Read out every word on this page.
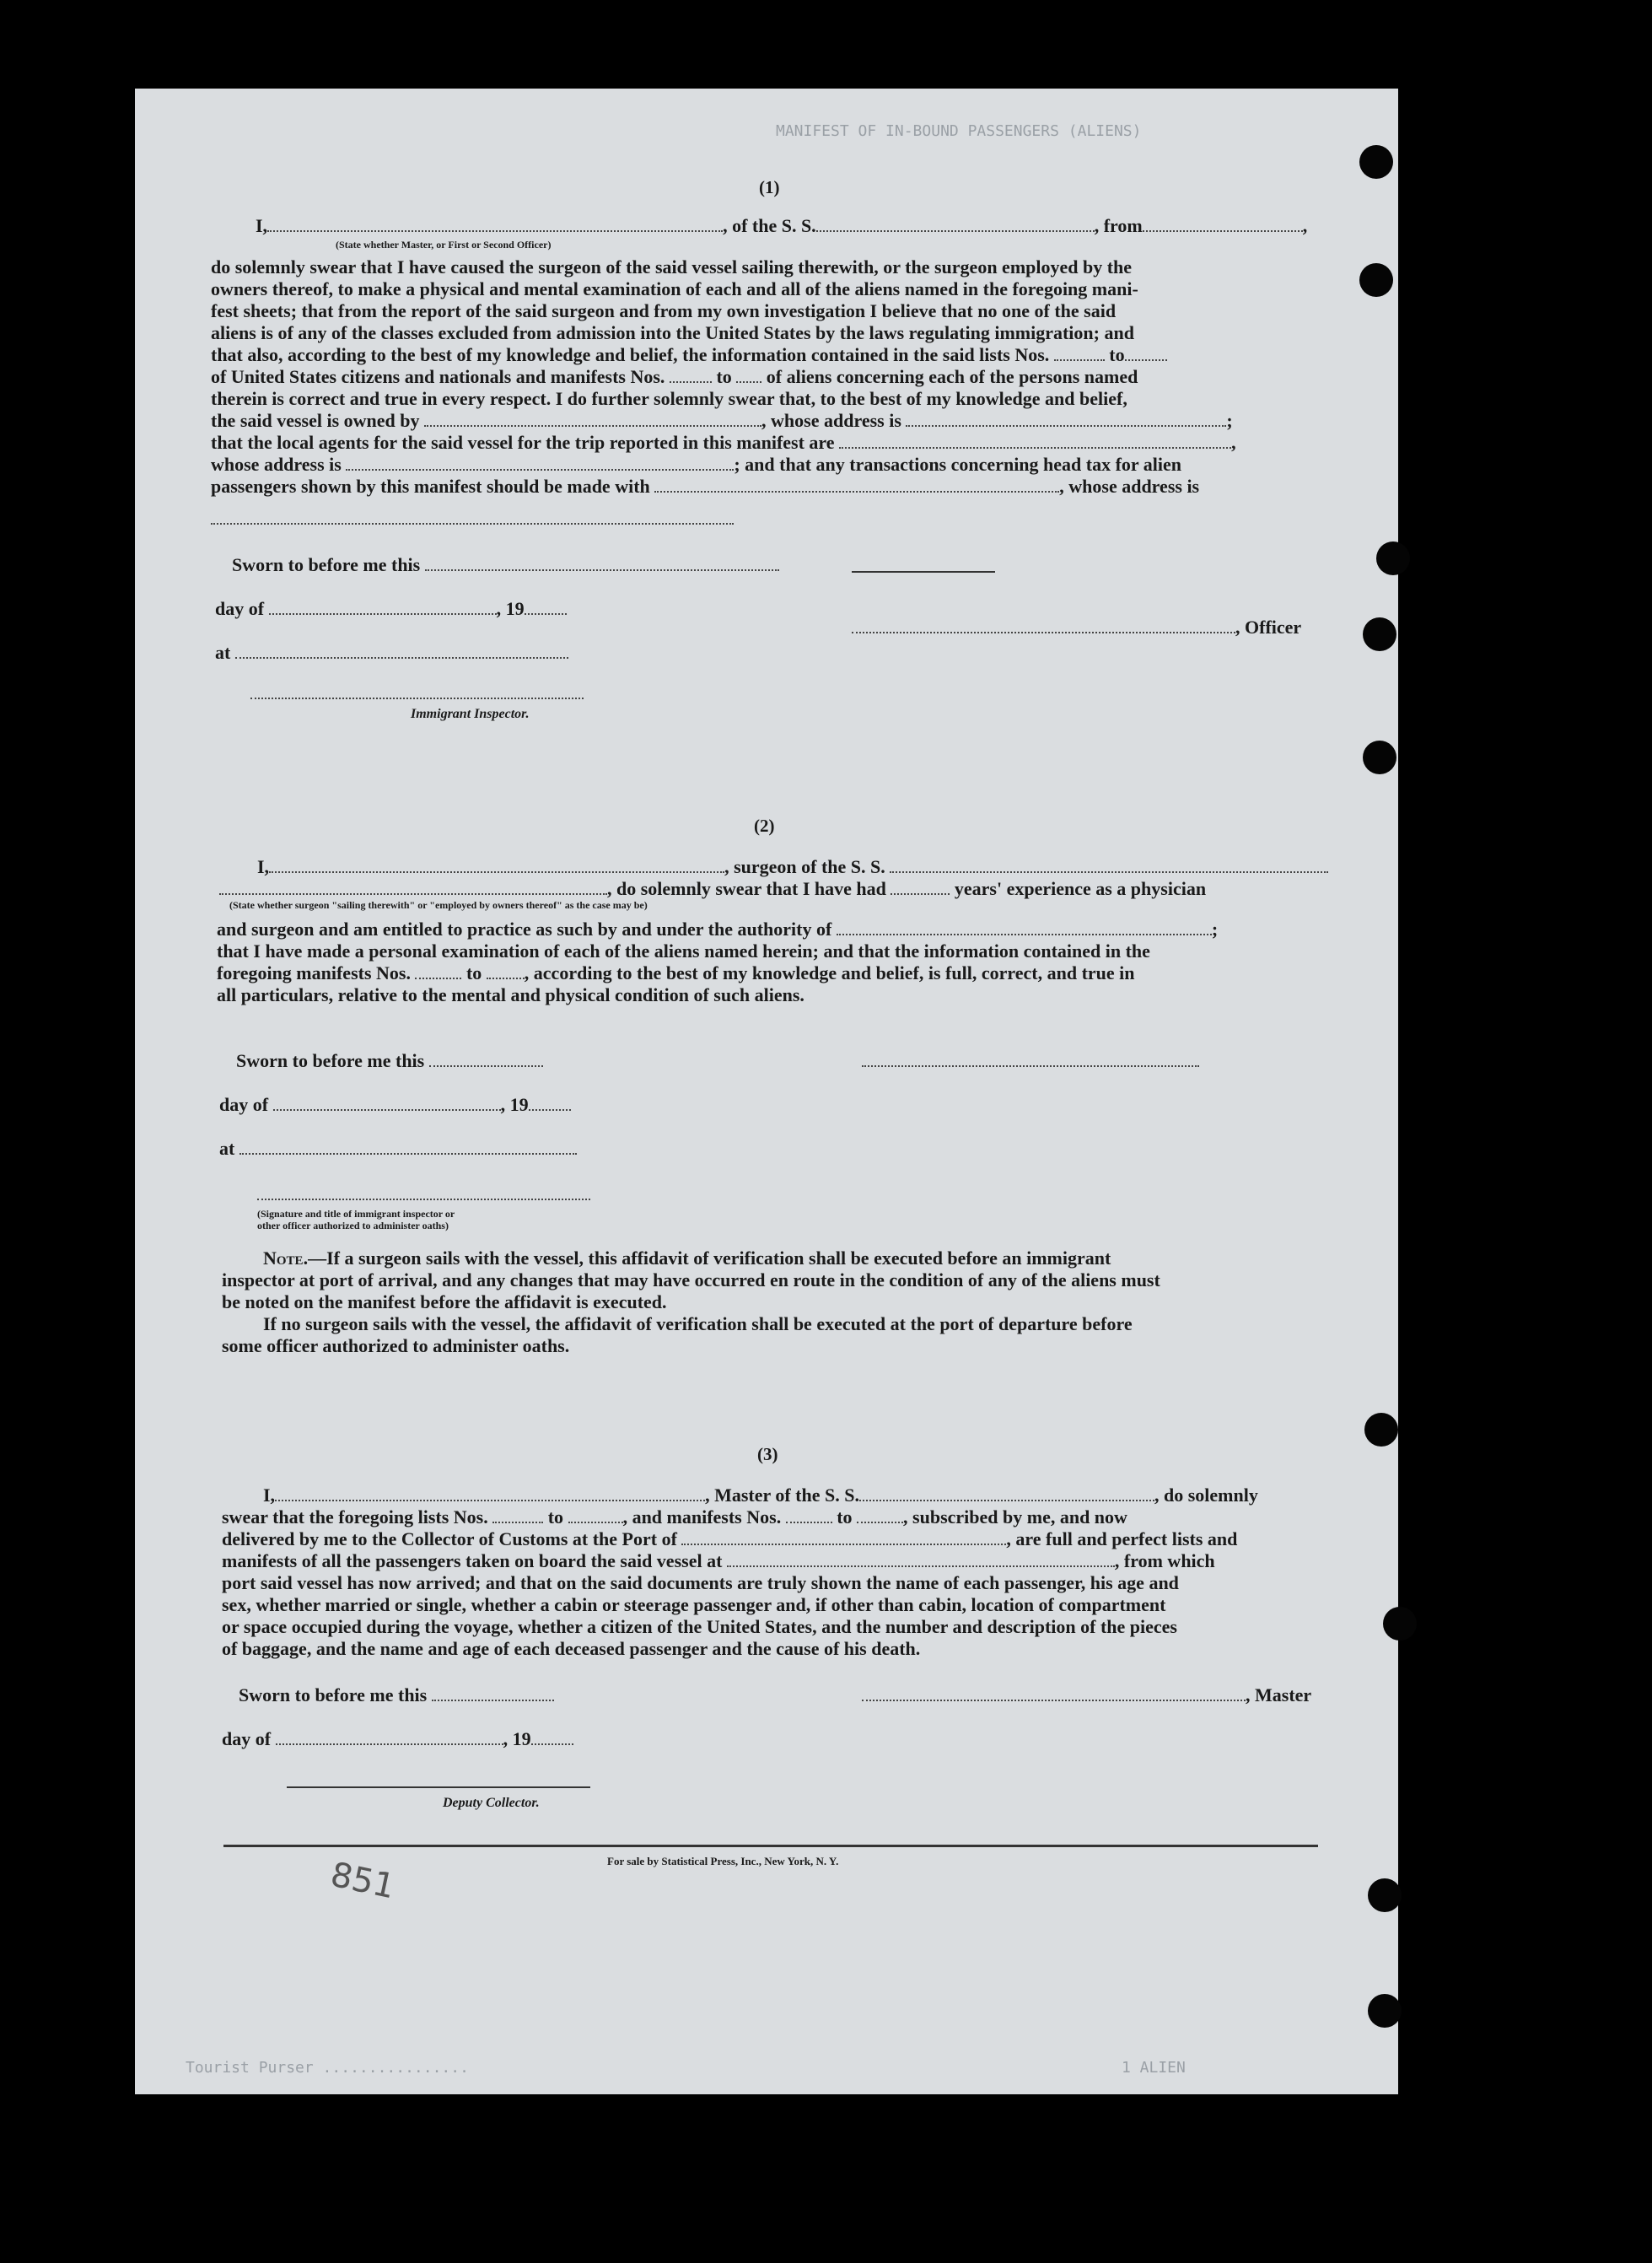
MANIFEST OF IN-BOUND PASSENGERS (ALIENS)
(1)
I,	, of the S. S.	, from	,
(State whether Master, or First or Second Officer)
do solemnly swear that I have caused the surgeon of the said vessel sailing therewith, or the surgeon employed by the
owners thereof, to make a physical and mental examination of each and all of the aliens named in the foregoing mani-
fest sheets; that from the report of the said surgeon and from my own investigation I believe that no one of the said
aliens is of any of the classes excluded from admission into the United States by the laws regulating immigration; and
that also, according to the best of my knowledge and belief, the information contained in the said lists Nos.	to
of United States citizens and nationals and manifests Nos.	to of aliens concerning each of the persons named
therein is correct and true in every respect. I do further solemnly swear that, to the best of my knowledge and belief,
the said vessel is owned by	, whose address is	;
that the local agents for the said vessel for the trip reported in this manifest are	,
whose address is	; and that any transactions concerning head tax for alien
passengers shown by this manifest should be made with	, whose address is
Sworn to before me this
day of	, 19
, Officer
at
Immigrant Inspector.
(2)
I,	, surgeon of the S. S.
, do solemnly swear that I have had	years' experience as a physician
(State whether surgeon "sailing therewith" or "employed by owners thereof" as the case may be)
and surgeon and am entitled to practice as such by and under the authority of	;
that I have made a personal examination of each of the aliens named herein; and that the information contained in the
foregoing manifests Nos.	to , according to the best of my knowledge and belief, is full, correct, and true in
all particulars, relative to the mental and physical condition of such aliens.
Sworn to before me this
day of	, 19
at
(Signature and title of immigrant inspector or
other officer authorized to administer oaths)
Note.—If a surgeon sails with the vessel, this affidavit of verification shall be executed before an immigrant
inspector at port of arrival, and any changes that may have occurred en route in the condition of any of the aliens must
be noted on the manifest before the affidavit is executed.
If no surgeon sails with the vessel, the affidavit of verification shall be executed at the port of departure before
some officer authorized to administer oaths.
(3)
I,	, Master of the S. S.	, do solemnly
swear that the foregoing lists Nos.	to	, and manifests Nos.	to	, subscribed by me, and now
delivered by me to the Collector of Customs at the Port of	, are full and perfect lists and
manifests of all the passengers taken on board the said vessel at	, from which
port said vessel has now arrived; and that on the said documents are truly shown the name of each passenger, his age and
sex, whether married or single, whether a cabin or steerage passenger and, if other than cabin, location of compartment
or space occupied during the voyage, whether a citizen of the United States, and the number and description of the pieces
of baggage, and the name and age of each deceased passenger and the cause of his death.
Sworn to before me this	, Master
day of	, 19
Deputy Collector.
For sale by Statistical Press, Inc., New York, N. Y.
851
Tourist Purser ................	1 ALIEN
